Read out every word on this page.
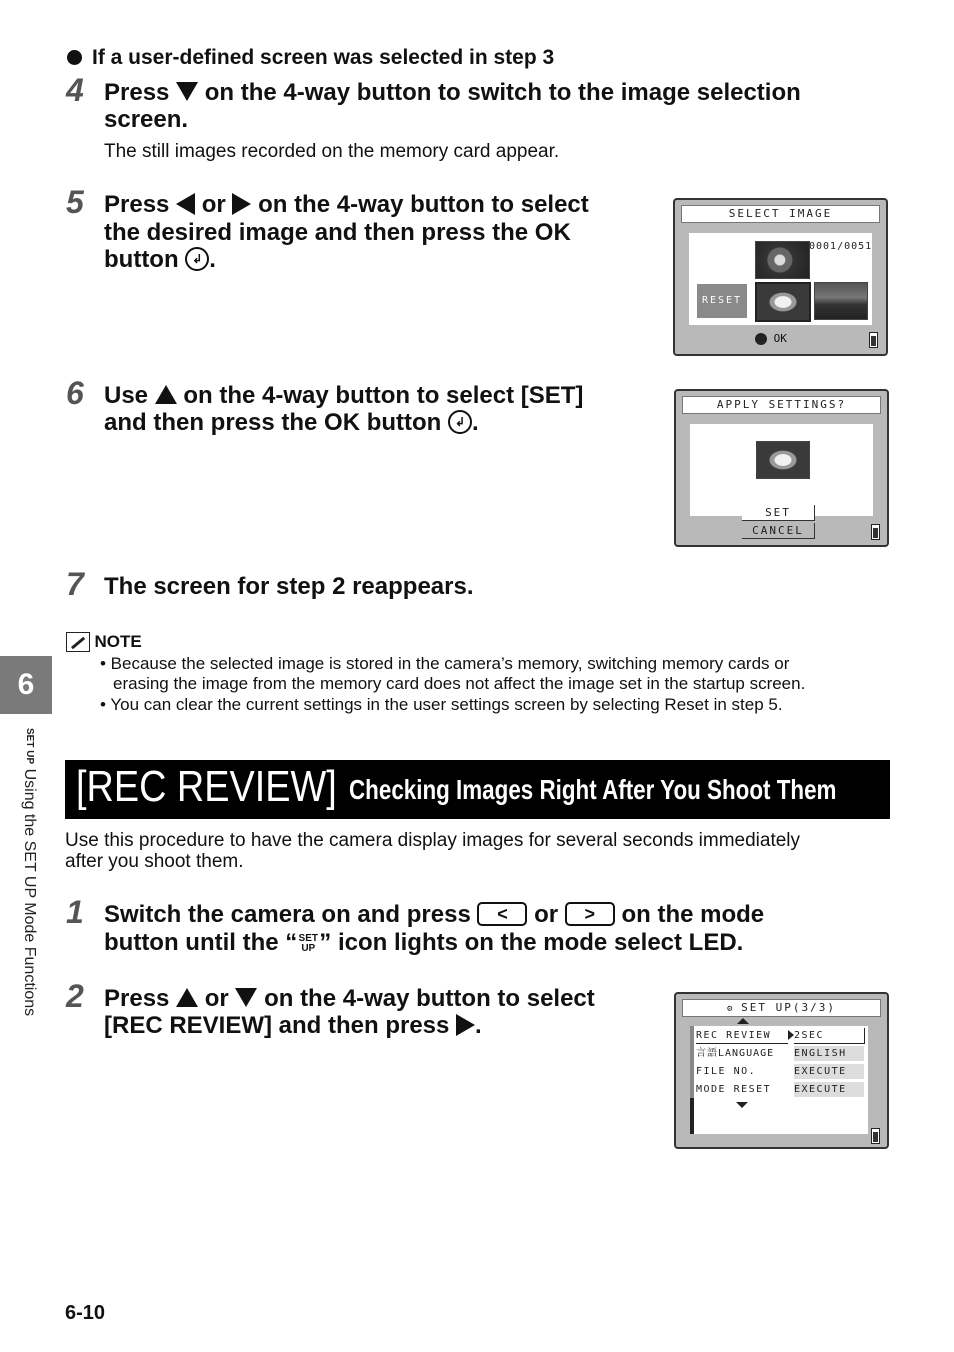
If a user-defined screen was selected in step 3
4 Press on the 4-way button to switch to the image selection
screen.
The still images recorded on the memory card appear.
5 Press or on the 4-way button to select
the desired image and then press the OK
button ↲ .
SELECT IMAGE
0001/0051
RESET
OK
6 Use on the 4-way button to select [SET]
and then press the OK button ↲ .
APPLY SETTINGS?
SET
CANCEL
7 The screen for step 2 reappears.
NOTE
• Because the selected image is stored in the camera’s memory, switching memory cards or
erasing the image from the memory card does not affect the image set in the startup screen.
• You can clear the current settings in the user settings screen by selecting Reset in step 5.
6
SET UP Using the SET UP Mode Functions [REC REVIEW] Checking Images Right After You Shoot Them
Use this procedure to have the camera display images for several seconds immediately
after you shoot them.
1 Switch the camera on and press < or > on the mode
button until the “SET UP ” icon lights on the mode select LED.
2 Press or on the 4-way button to select
[REC REVIEW] and then press .
⚙ SET UP(3/3)
REC REVIEW	2SEC
言語LANGUAGE ENGLISH
FILE NO.	EXECUTE
MODE RESET EXECUTE
6-10
